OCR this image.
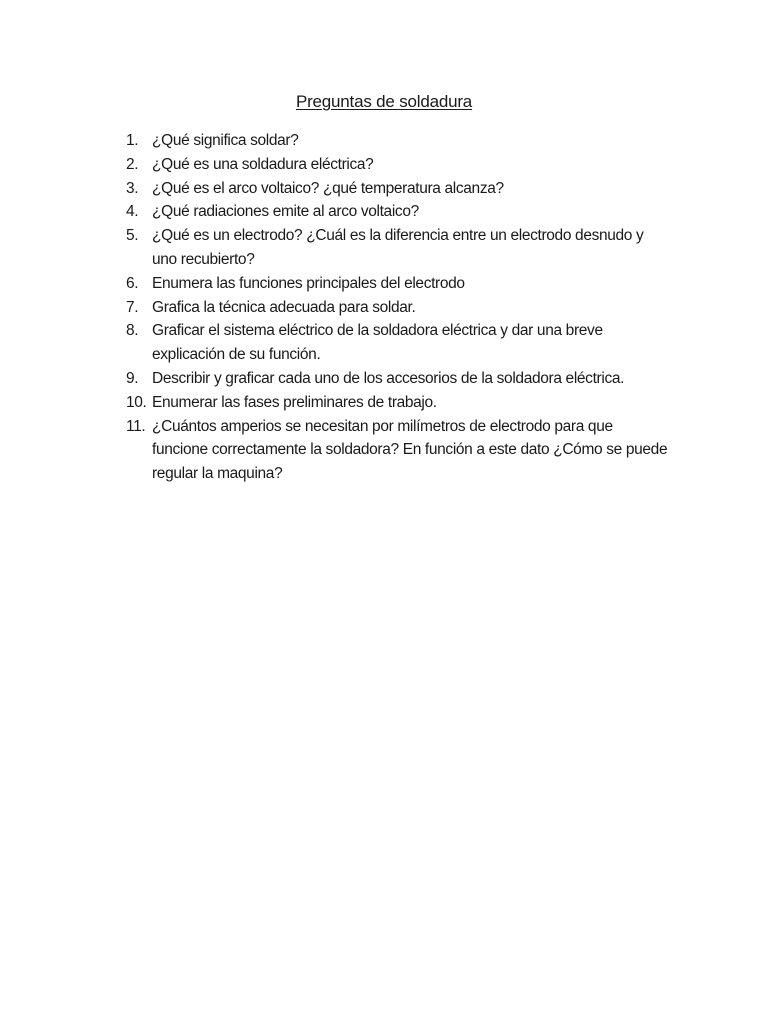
Preguntas de soldadura
1. ¿Qué significa soldar?
2. ¿Qué es una soldadura eléctrica?
3. ¿Qué es el arco voltaico? ¿qué temperatura alcanza?
4. ¿Qué radiaciones emite al arco voltaico?
5. ¿Qué es un electrodo? ¿Cuál es la diferencia entre un electrodo desnudo y uno recubierto?
6. Enumera las funciones principales del electrodo
7. Grafica la técnica adecuada para soldar.
8. Graficar el sistema eléctrico de la soldadora eléctrica y dar una breve explicación de su función.
9. Describir y graficar cada uno de los accesorios de la soldadora eléctrica.
10. Enumerar las fases preliminares de trabajo.
11. ¿Cuántos amperios se necesitan por milímetros de electrodo para que funcione correctamente la soldadora? En función a este dato ¿Cómo se puede regular la maquina?
